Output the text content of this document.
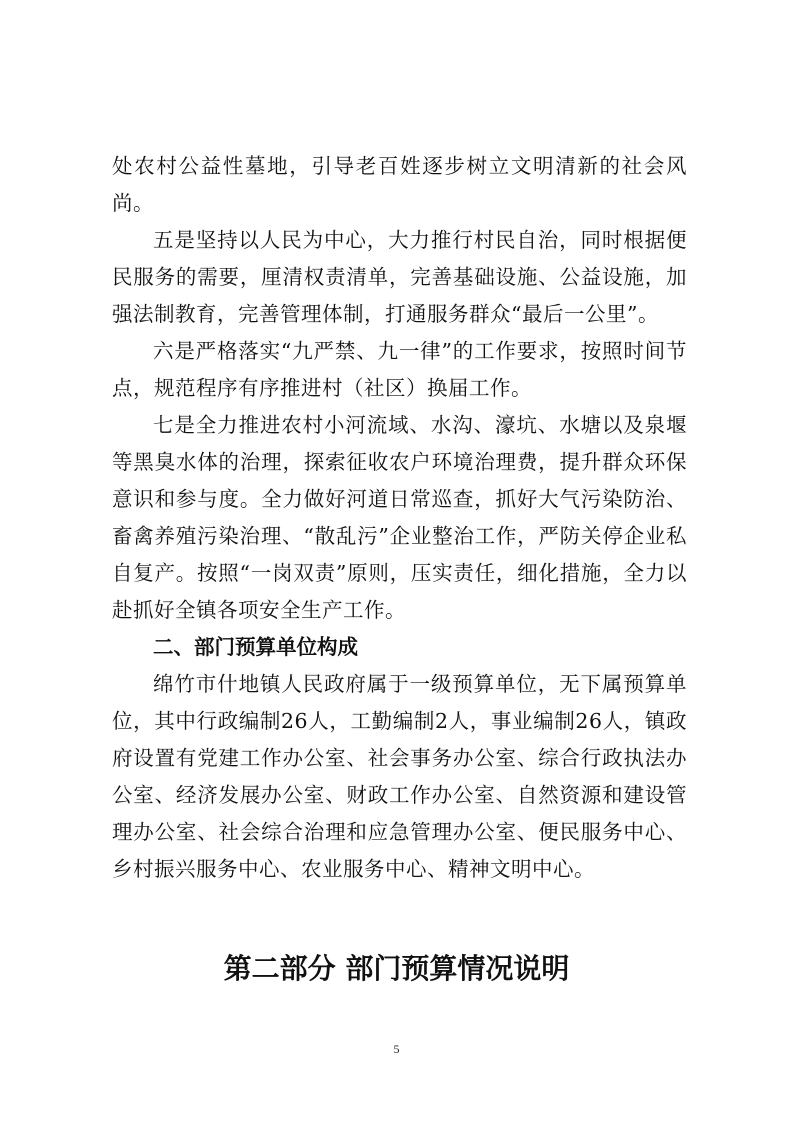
处农村公益性墓地，引导老百姓逐步树立文明清新的社会风尚。

五是坚持以人民为中心，大力推行村民自治，同时根据便民服务的需要，厘清权责清单，完善基础设施、公益设施，加强法制教育，完善管理体制，打通服务群众“最后一公里”。

六是严格落实“九严禁、九一律”的工作要求，按照时间节点，规范程序有序推进村（社区）换届工作。

七是全力推进农村小河流域、水沟、濠坑、水塘以及泉堰等黑臭水体的治理，探索征收农户环境治理费，提升群众环保意识和参与度。全力做好河道日常巡查，抓好大气污染防治、畜禽养殖污染治理、“散乱污”企业整治工作，严防关停企业私自复产。按照“一岗双责”原则，压实责任，细化措施，全力以赴抓好全镇各项安全生产工作。

二、部门预算单位构成

绵竹市什地镇人民政府属于一级预算单位，无下属预算单位，其中行政编制26人，工勤编制2人，事业编制26人，镇政府设置有党建工作办公室、社会事务办公室、综合行政执法办公室、经济发展办公室、财政工作办公室、自然资源和建设管理办公室、社会综合治理和应急管理办公室、便民服务中心、乡村振兴服务中心、农业服务中心、精神文明中心。

第二部分 部门预算情况说明
5
